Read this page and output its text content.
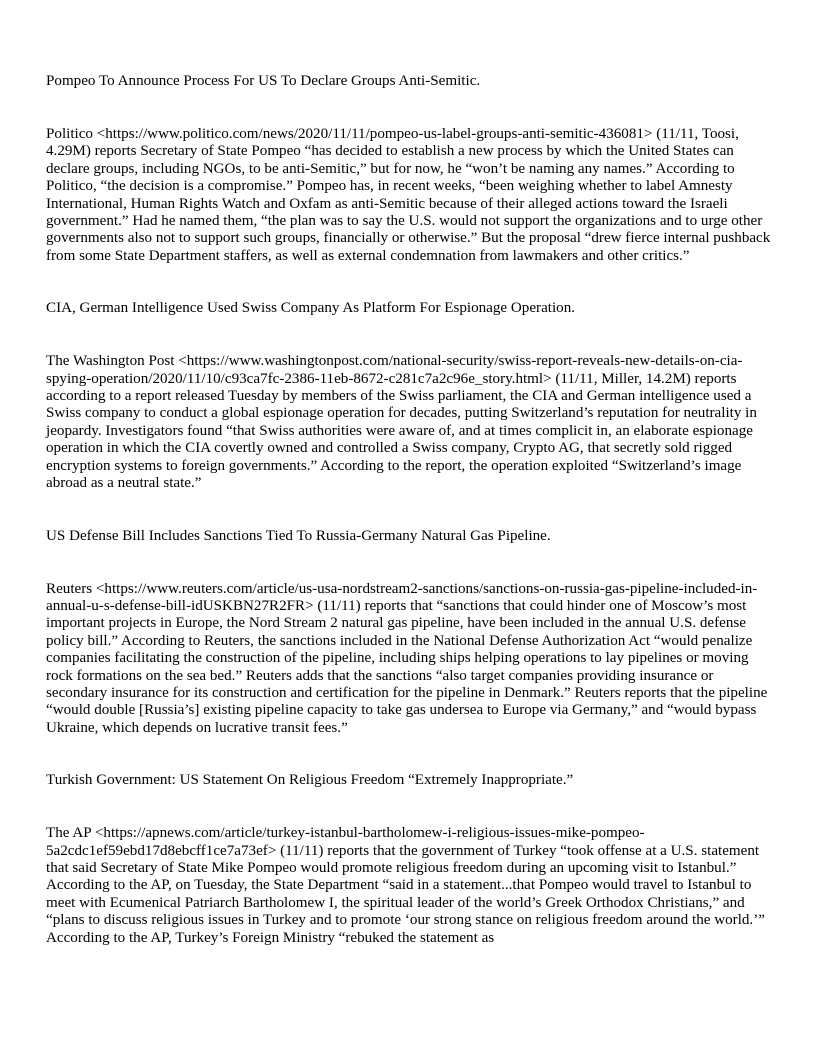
Pompeo To Announce Process For US To Declare Groups Anti-Semitic.

Politico <https://www.politico.com/news/2020/11/11/pompeo-us-label-groups-anti-semitic-436081> (11/11, Toosi, 4.29M) reports Secretary of State Pompeo “has decided to establish a new process by which the United States can declare groups, including NGOs, to be anti-Semitic,” but for now, he “won’t be naming any names.” According to Politico, “the decision is a compromise.” Pompeo has, in recent weeks, “been weighing whether to label Amnesty International, Human Rights Watch and Oxfam as anti-Semitic because of their alleged actions toward the Israeli government.” Had he named them, “the plan was to say the U.S. would not support the organizations and to urge other governments also not to support such groups, financially or otherwise.” But the proposal “drew fierce internal pushback from some State Department staffers, as well as external condemnation from lawmakers and other critics.”

CIA, German Intelligence Used Swiss Company As Platform For Espionage Operation.

The Washington Post <https://www.washingtonpost.com/national-security/swiss-report-reveals-new-details-on-cia-spying-operation/2020/11/10/c93ca7fc-2386-11eb-8672-c281c7a2c96e_story.html> (11/11, Miller, 14.2M) reports according to a report released Tuesday by members of the Swiss parliament, the CIA and German intelligence used a Swiss company to conduct a global espionage operation for decades, putting Switzerland’s reputation for neutrality in jeopardy. Investigators found “that Swiss authorities were aware of, and at times complicit in, an elaborate espionage operation in which the CIA covertly owned and controlled a Swiss company, Crypto AG, that secretly sold rigged encryption systems to foreign governments.” According to the report, the operation exploited “Switzerland’s image abroad as a neutral state.”

US Defense Bill Includes Sanctions Tied To Russia-Germany Natural Gas Pipeline.

Reuters <https://www.reuters.com/article/us-usa-nordstream2-sanctions/sanctions-on-russia-gas-pipeline-included-in-annual-u-s-defense-bill-idUSKBN27R2FR> (11/11) reports that “sanctions that could hinder one of Moscow’s most important projects in Europe, the Nord Stream 2 natural gas pipeline, have been included in the annual U.S. defense policy bill.” According to Reuters, the sanctions included in the National Defense Authorization Act “would penalize companies facilitating the construction of the pipeline, including ships helping operations to lay pipelines or moving rock formations on the sea bed.” Reuters adds that the sanctions “also target companies providing insurance or secondary insurance for its construction and certification for the pipeline in Denmark.” Reuters reports that the pipeline “would double [Russia’s] existing pipeline capacity to take gas undersea to Europe via Germany,” and “would bypass Ukraine, which depends on lucrative transit fees.”

Turkish Government: US Statement On Religious Freedom “Extremely Inappropriate.”

The AP <https://apnews.com/article/turkey-istanbul-bartholomew-i-religious-issues-mike-pompeo-5a2cdc1ef59ebd17d8ebcff1ce7a73ef> (11/11) reports that the government of Turkey “took offense at a U.S. statement that said Secretary of State Mike Pompeo would promote religious freedom during an upcoming visit to Istanbul.” According to the AP, on Tuesday, the State Department “said in a statement...that Pompeo would travel to Istanbul to meet with Ecumenical Patriarch Bartholomew I, the spiritual leader of the world’s Greek Orthodox Christians,” and “plans to discuss religious issues in Turkey and to promote ‘our strong stance on religious freedom around the world.’” According to the AP, Turkey’s Foreign Ministry “rebuked the statement as
